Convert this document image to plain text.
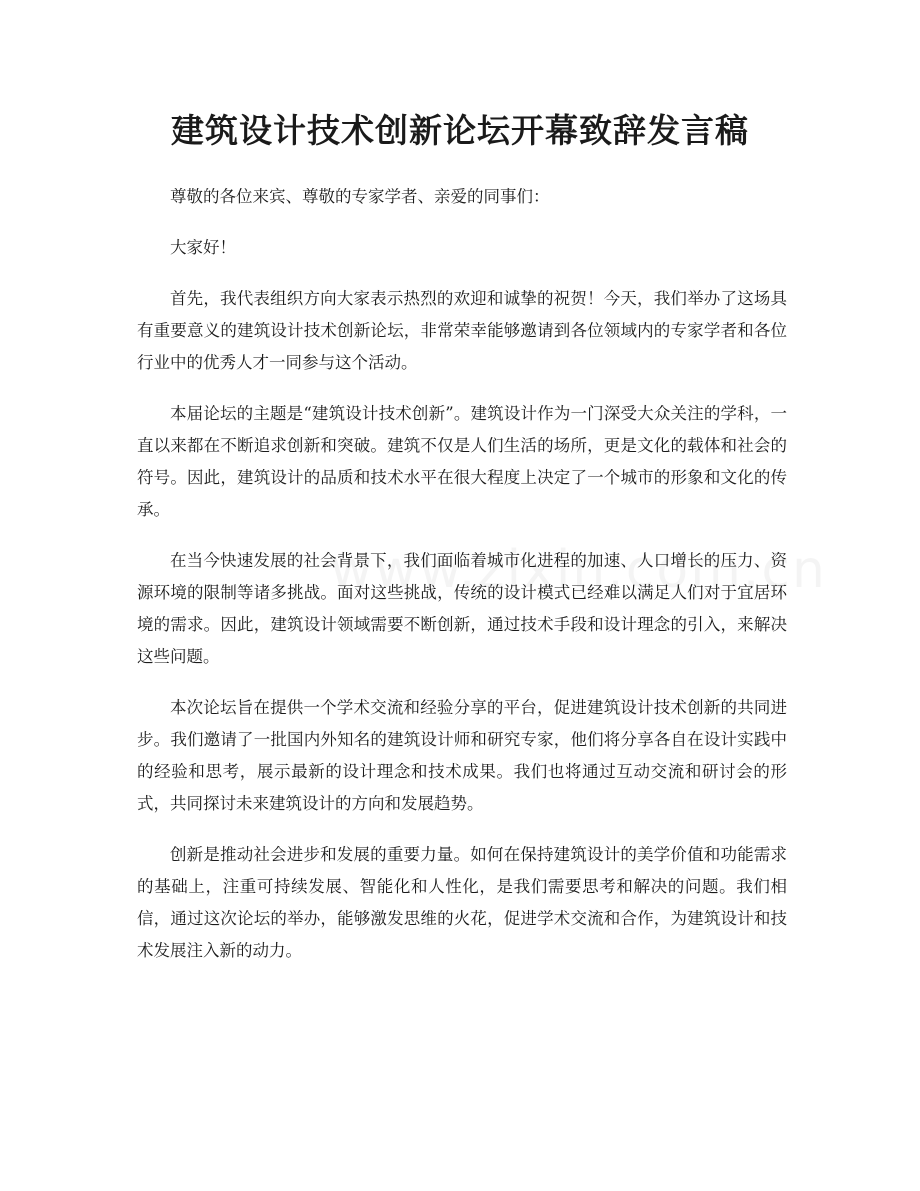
建筑设计技术创新论坛开幕致辞发言稿

尊敬的各位来宾、尊敬的专家学者、亲爱的同事们：

大家好！

首先，我代表组织方向大家表示热烈的欢迎和诚挚的祝贺！今天，我们举办了这场具有重要意义的建筑设计技术创新论坛，非常荣幸能够邀请到各位领域内的专家学者和各位行业中的优秀人才一同参与这个活动。

本届论坛的主题是“建筑设计技术创新”。建筑设计作为一门深受大众关注的学科，一直以来都在不断追求创新和突破。建筑不仅是人们生活的场所，更是文化的载体和社会的符号。因此，建筑设计的品质和技术水平在很大程度上决定了一个城市的形象和文化的传承。

在当今快速发展的社会背景下，我们面临着城市化进程的加速、人口增长的压力、资源环境的限制等诸多挑战。面对这些挑战，传统的设计模式已经难以满足人们对于宜居环境的需求。因此，建筑设计领域需要不断创新，通过技术手段和设计理念的引入，来解决这些问题。

本次论坛旨在提供一个学术交流和经验分享的平台，促进建筑设计技术创新的共同进步。我们邀请了一批国内外知名的建筑设计师和研究专家，他们将分享各自在设计实践中的经验和思考，展示最新的设计理念和技术成果。我们也将通过互动交流和研讨会的形式，共同探讨未来建筑设计的方向和发展趋势。

创新是推动社会进步和发展的重要力量。如何在保持建筑设计的美学价值和功能需求的基础上，注重可持续发展、智能化和人性化，是我们需要思考和解决的问题。我们相信，通过这次论坛的举办，能够激发思维的火花，促进学术交流和合作，为建筑设计和技术发展注入新的动力。
